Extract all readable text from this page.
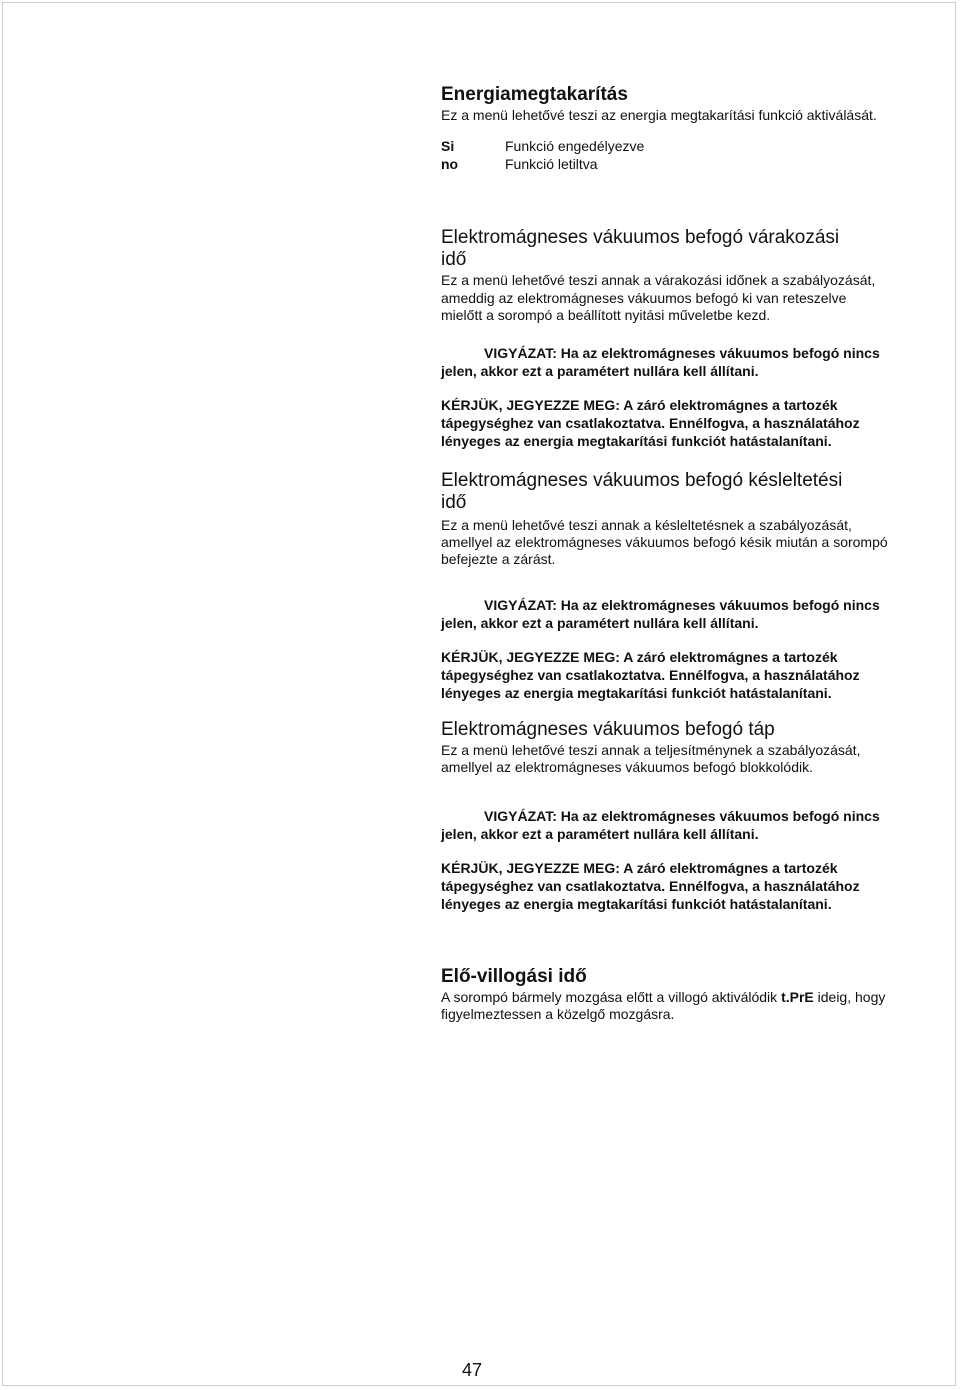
Energiamegtakarítás

Ez a menü lehetővé teszi az energia megtakarítási funkció aktiválását.

Si	Funkció engedélyezve
no	Funkció letiltva
Elektromágneses vákuumos befogó várakozási
idő

Ez a menü lehetővé teszi annak a várakozási időnek a szabályozását,
ameddig az elektromágneses vákuumos befogó ki van reteszelve
mielőtt a sorompó a beállított nyitási műveletbe kezd.

VIGYÁZAT: Ha az elektromágneses vákuumos befogó nincs
jelen, akkor ezt a paramétert nullára kell állítani.

KÉRJÜK, JEGYEZZE MEG: A záró elektromágnes a tartozék
tápegységhez van csatlakoztatva. Ennélfogva, a használatához
lényeges az energia megtakarítási funkciót hatástalanítani.

Elektromágneses vákuumos befogó késleltetési
idő

Ez a menü lehetővé teszi annak a késleltetésnek a szabályozását,
amellyel az elektromágneses vákuumos befogó késik miután a sorompó
befejezte a zárást.

VIGYÁZAT: Ha az elektromágneses vákuumos befogó nincs
jelen, akkor ezt a paramétert nullára kell állítani.

KÉRJÜK, JEGYEZZE MEG: A záró elektromágnes a tartozék
tápegységhez van csatlakoztatva. Ennélfogva, a használatához
lényeges az energia megtakarítási funkciót hatástalanítani.

Elektromágneses vákuumos befogó táp

Ez a menü lehetővé teszi annak a teljesítménynek a szabályozását,
amellyel az elektromágneses vákuumos befogó blokkolódik.

VIGYÁZAT: Ha az elektromágneses vákuumos befogó nincs
jelen, akkor ezt a paramétert nullára kell állítani.

KÉRJÜK, JEGYEZZE MEG: A záró elektromágnes a tartozék
tápegységhez van csatlakoztatva. Ennélfogva, a használatához
lényeges az energia megtakarítási funkciót hatástalanítani.

Elő-villogási idő

A sorompó bármely mozgása előtt a villogó aktiválódik t.PrE ideig, hogy
figyelmeztessen a közelgő mozgásra.

47
